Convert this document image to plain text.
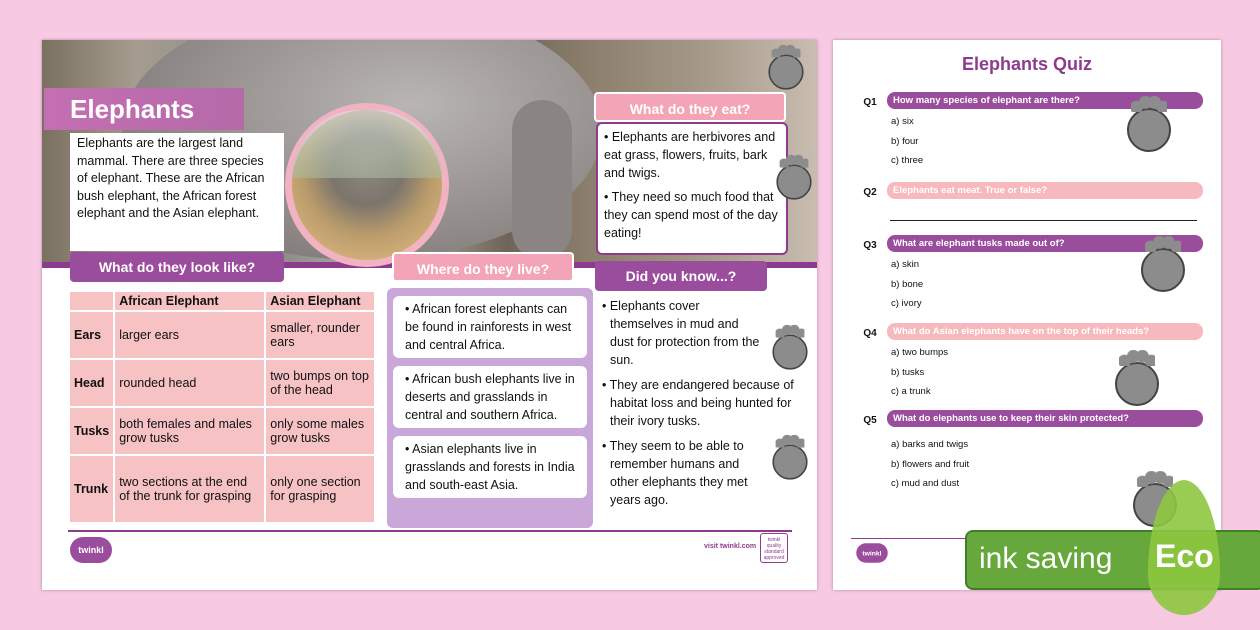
Elephants
Elephants are the largest land mammal. There are three species of elephant. These are the African bush elephant, the African forest elephant and the Asian elephant.
What do they eat?

• Elephants are herbivores and eat grass, flowers, fruits, bark and twigs.

• They need so much food that they can spend most of the day eating!

What do they look like?
	African Elephant	Asian Elephant
Ears	larger ears	smaller, rounder ears
Head	rounded head	two bumps on top of the head
Tusks	both females and males grow tusks	only some males grow tusks
Trunk	two sections at the end of the trunk for grasping	only one section for grasping
• African forest elephants can be found in rainforests in west and central Africa.
• African bush elephants live in deserts and grasslands in central and southern Africa.
• Asian elephants live in grasslands and forests in India and south-east Asia.
Where do they live?	Did you know...?

• Elephants cover themselves in mud and dust for protection from the sun.

• They are endangered because of habitat loss and being hunted for their ivory tusks.

• They seem to be able to remember humans and other elephants they met years ago.

twinkl	visit twinkl.com
twinkl quality standard approved
Elephants Quiz
Q1	How many species of elephant are there?
a) six
b) four
c) three
Q2	Elephants eat meat. True or false?
Q3	What are elephant tusks made out of?
a) skin
b) bone
c) ivory
Q4	What do Asian elephants have on the top of their heads?
a) two bumps
b) tusks
c) a trunk
Q5	What do elephants use to keep their skin protected?
a) barks and twigs
b) flowers and fruit
c) mud and dust
twinkl	ink saving Eco
